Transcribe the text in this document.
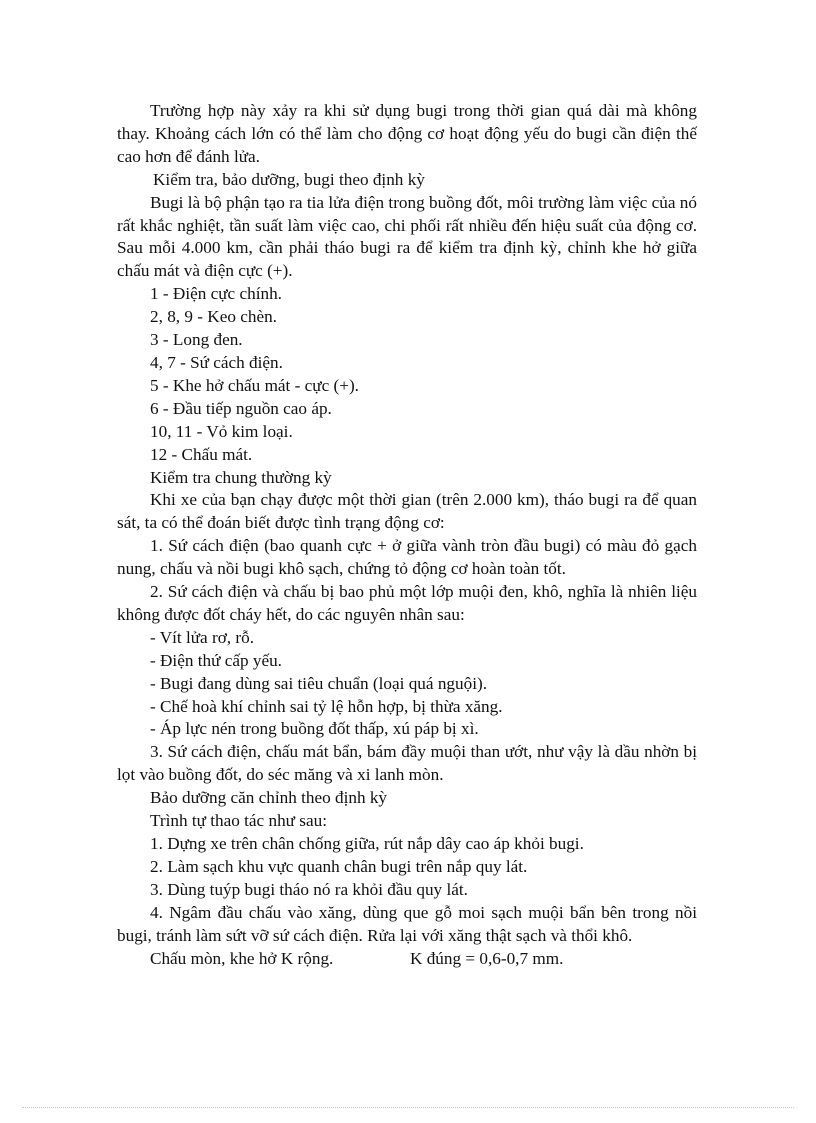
Trường hợp này xảy ra khi sử dụng bugi trong thời gian quá dài mà không thay. Khoảng cách lớn có thể làm cho động cơ hoạt động yếu do bugi cần điện thế cao hơn để đánh lửa.

Kiểm tra, bảo dưỡng, bugi theo định kỳ

Bugi là bộ phận tạo ra tia lửa điện trong buồng đốt, môi trường làm việc của nó rất khắc nghiệt, tần suất làm việc cao, chi phối rất nhiều đến hiệu suất của động cơ. Sau mỗi 4.000 km, cần phải tháo bugi ra để kiểm tra định kỳ, chỉnh khe hở giữa chấu mát và điện cực (+).

1 - Điện cực chính.

2, 8, 9 - Keo chèn.

3 - Long đen.

4, 7 - Sứ cách điện.

5 - Khe hở chấu mát - cực (+).

6 - Đầu tiếp nguồn cao áp.

10, 11 - Vỏ kim loại.

12 - Chấu mát.

Kiểm tra chung thường kỳ

Khi xe của bạn chạy được một thời gian (trên 2.000 km), tháo bugi ra để quan sát, ta có thể đoán biết được tình trạng động cơ:

1. Sứ cách điện (bao quanh cực + ở giữa vành tròn đầu bugi) có màu đỏ gạch nung, chấu và nồi bugi khô sạch, chứng tỏ động cơ hoàn toàn tốt.

2. Sứ cách điện và chấu bị bao phủ một lớp muội đen, khô, nghĩa là nhiên liệu không được đốt cháy hết, do các nguyên nhân sau:

- Vít lửa rơ, rỗ.

- Điện thứ cấp yếu.

- Bugi đang dùng sai tiêu chuẩn (loại quá nguội).

- Chế hoà khí chỉnh sai tỷ lệ hỗn hợp, bị thừa xăng.

- Áp lực nén trong buồng đốt thấp, xú páp bị xì.

3. Sứ cách điện, chấu mát bẩn, bám đầy muội than ướt, như vậy là dầu nhờn bị lọt vào buồng đốt, do séc măng và xi lanh mòn.

Bảo dưỡng căn chỉnh theo định kỳ

Trình tự thao tác như sau:

1. Dựng xe trên chân chống giữa, rút nắp dây cao áp khỏi bugi.

2. Làm sạch khu vực quanh chân bugi trên nắp quy lát.

3. Dùng tuýp bugi tháo nó ra khỏi đầu quy lát.

4. Ngâm đầu chấu vào xăng, dùng que gỗ moi sạch muội bẩn bên trong nồi bugi, tránh làm sứt vỡ sứ cách điện. Rửa lại với xăng thật sạch và thổi khô.

Chấu mòn, khe hở K rộng.	K đúng = 0,6-0,7 mm.
